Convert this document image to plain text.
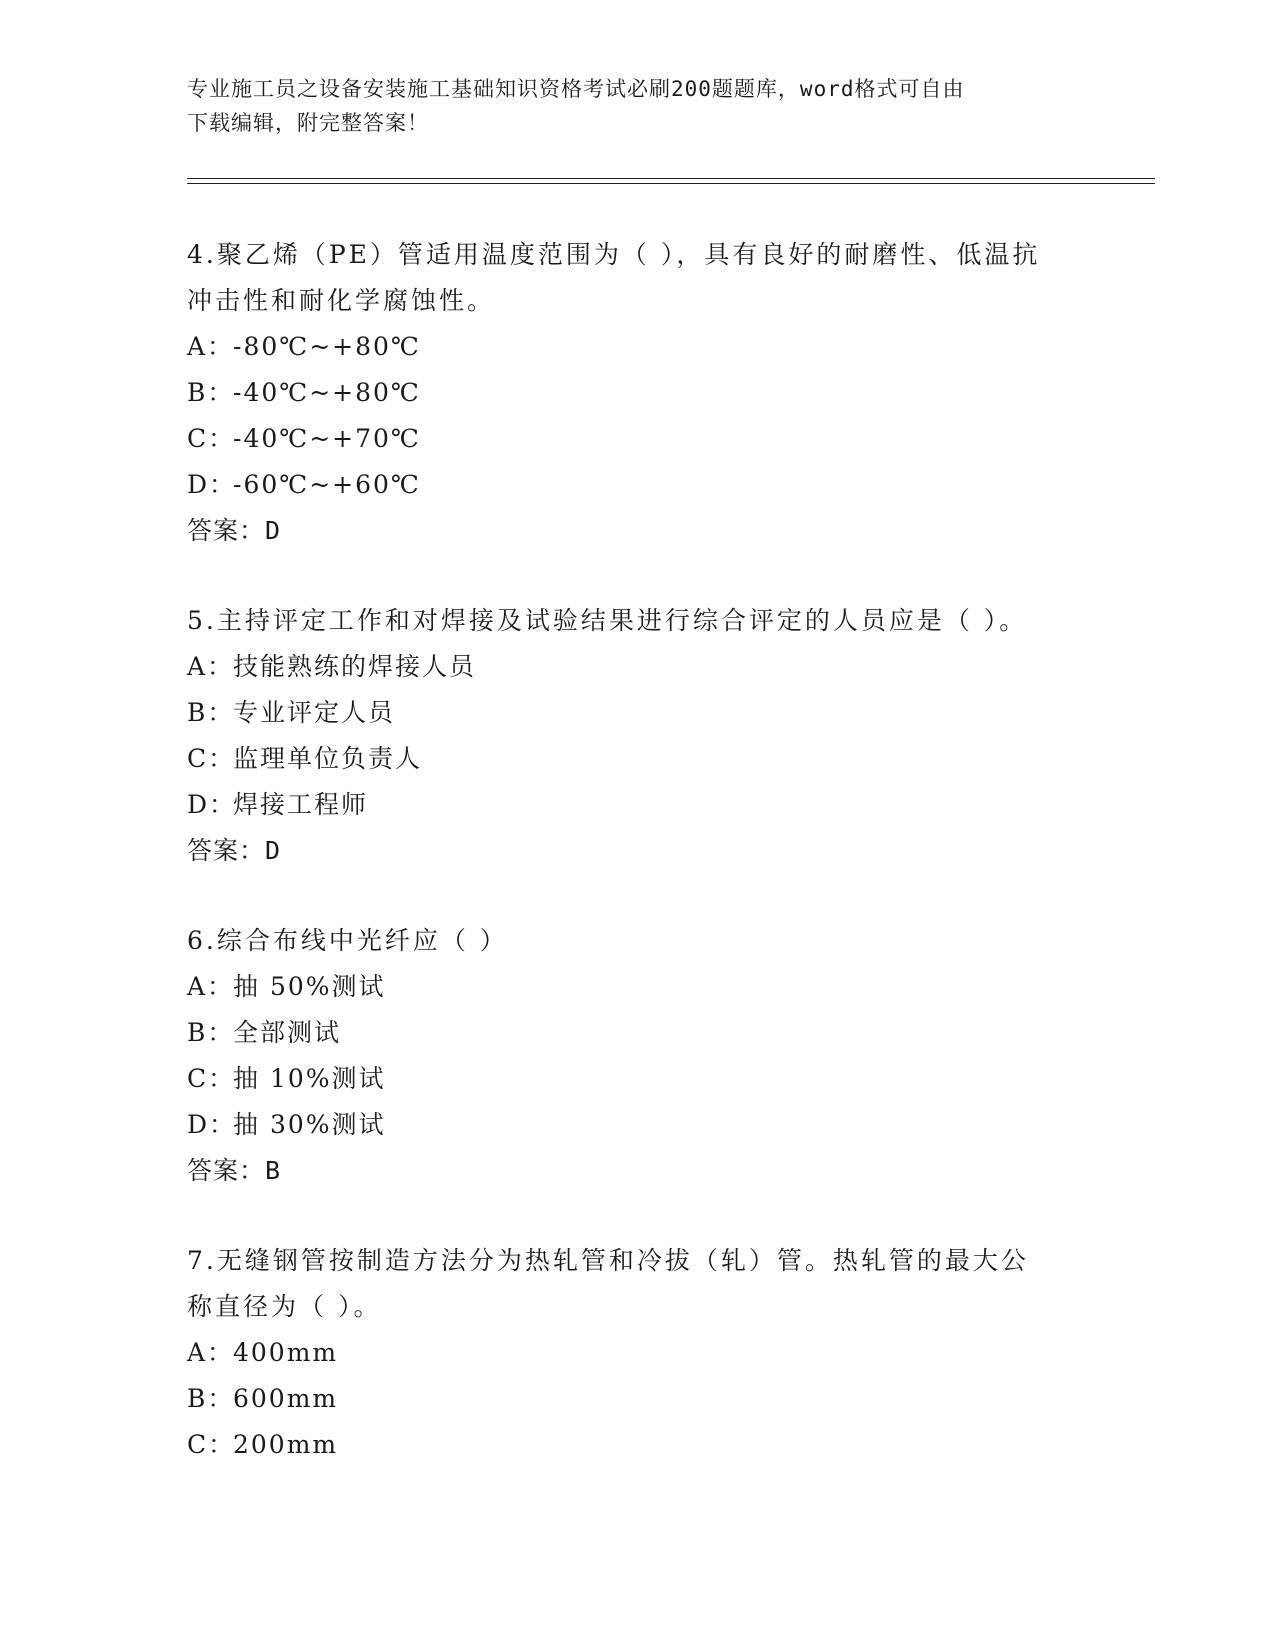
专业施工员之设备安装施工基础知识资格考试必刷200题题库，word格式可自由
下载编辑，附完整答案！

4.聚乙烯（PE）管适用温度范围为（ ），具有良好的耐磨性、低温抗

冲击性和耐化学腐蚀性。

A：-80℃~+80℃

B：-40℃~+80℃

C：-40℃~+70℃

D：-60℃~+60℃

答案：D

5.主持评定工作和对焊接及试验结果进行综合评定的人员应是（ ）。

A：技能熟练的焊接人员

B：专业评定人员

C：监理单位负责人

D：焊接工程师

答案：D

6.综合布线中光纤应（ ）

A：抽 50%测试

B：全部测试

C：抽 10%测试

D：抽 30%测试

答案：B

7.无缝钢管按制造方法分为热轧管和冷拔（轧）管。热轧管的最大公

称直径为（ ）。

A：400mm

B：600mm

C：200mm
